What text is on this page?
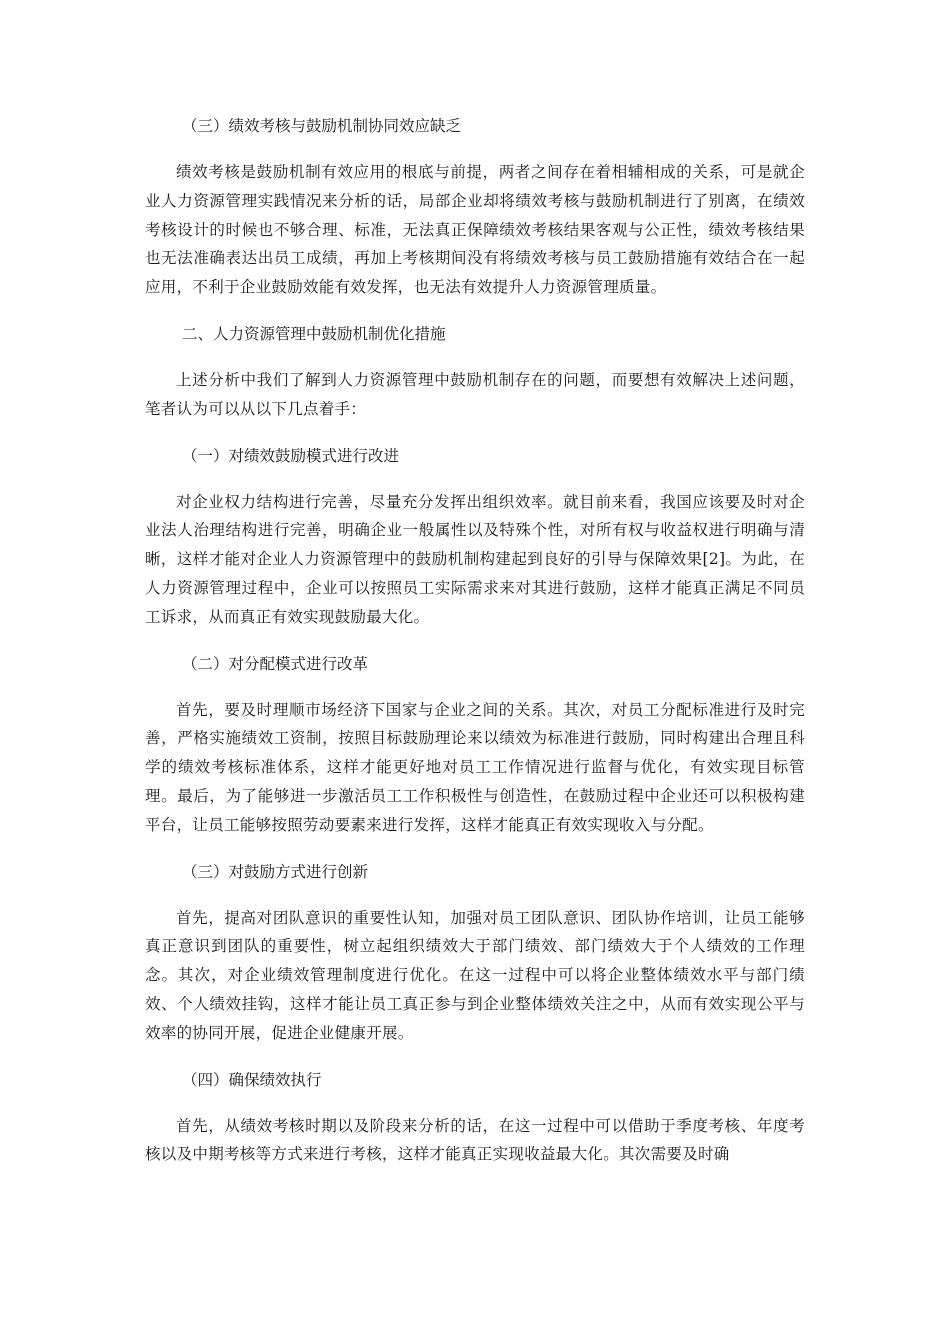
（三）绩效考核与鼓励机制协同效应缺乏

绩效考核是鼓励机制有效应用的根底与前提，两者之间存在着相辅相成的关系，可是就企业人力资源管理实践情况来分析的话，局部企业却将绩效考核与鼓励机制进行了别离，在绩效考核设计的时候也不够合理、标准，无法真正保障绩效考核结果客观与公正性，绩效考核结果也无法准确表达出员工成绩，再加上考核期间没有将绩效考核与员工鼓励措施有效结合在一起应用，不利于企业鼓励效能有效发挥，也无法有效提升人力资源管理质量。

二、人力资源管理中鼓励机制优化措施

上述分析中我们了解到人力资源管理中鼓励机制存在的问题，而要想有效解决上述问题，笔者认为可以从以下几点着手：

（一）对绩效鼓励模式进行改进

对企业权力结构进行完善，尽量充分发挥出组织效率。就目前来看，我国应该要及时对企业法人治理结构进行完善，明确企业一般属性以及特殊个性，对所有权与收益权进行明确与清晰，这样才能对企业人力资源管理中的鼓励机制构建起到良好的引导与保障效果[2]。为此，在人力资源管理过程中，企业可以按照员工实际需求来对其进行鼓励，这样才能真正满足不同员工诉求，从而真正有效实现鼓励最大化。

（二）对分配模式进行改革

首先，要及时理顺市场经济下国家与企业之间的关系。其次，对员工分配标准进行及时完善，严格实施绩效工资制，按照目标鼓励理论来以绩效为标准进行鼓励，同时构建出合理且科学的绩效考核标准体系，这样才能更好地对员工工作情况进行监督与优化，有效实现目标管理。最后，为了能够进一步激活员工工作积极性与创造性，在鼓励过程中企业还可以积极构建平台，让员工能够按照劳动要素来进行发挥，这样才能真正有效实现收入与分配。

（三）对鼓励方式进行创新

首先，提高对团队意识的重要性认知，加强对员工团队意识、团队协作培训，让员工能够真正意识到团队的重要性，树立起组织绩效大于部门绩效、部门绩效大于个人绩效的工作理念。其次，对企业绩效管理制度进行优化。在这一过程中可以将企业整体绩效水平与部门绩效、个人绩效挂钩，这样才能让员工真正参与到企业整体绩效关注之中，从而有效实现公平与效率的协同开展，促进企业健康开展。

（四）确保绩效执行

首先，从绩效考核时期以及阶段来分析的话，在这一过程中可以借助于季度考核、年度考核以及中期考核等方式来进行考核，这样才能真正实现收益最大化。其次需要及时确
